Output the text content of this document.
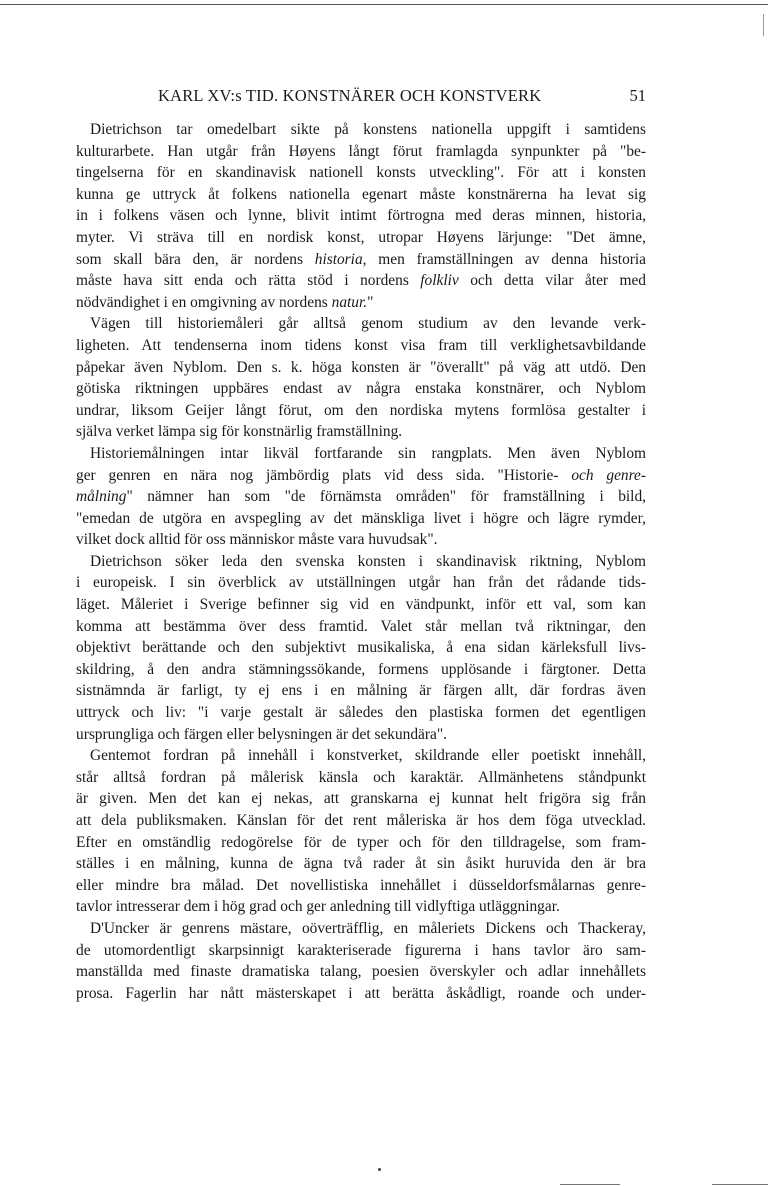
KARL XV:s TID. KONSTNÄRER OCH KONSTVERK	51
Dietrichson tar omedelbart sikte på konstens nationella uppgift i samtidens
kulturarbete. Han utgår från Høyens långt förut framlagda synpunkter på "be-
tingelserna för en skandinavisk nationell konsts utveckling". För att i konsten
kunna ge uttryck åt folkens nationella egenart måste konstnärerna ha levat sig
in i folkens väsen och lynne, blivit intimt förtrogna med deras minnen, historia,
myter. Vi sträva till en nordisk konst, utropar Høyens lärjunge: "Det ämne,
som skall bära den, är nordens historia, men framställningen av denna historia
måste hava sitt enda och rätta stöd i nordens folkliv och detta vilar åter med
nödvändighet i en omgivning av nordens natur."
Vägen till historiemåleri går alltså genom studium av den levande verk-
ligheten. Att tendenserna inom tidens konst visa fram till verklighetsavbildande
påpekar även Nyblom. Den s. k. höga konsten är "överallt" på väg att utdö. Den
götiska riktningen uppbäres endast av några enstaka konstnärer, och Nyblom
undrar, liksom Geijer långt förut, om den nordiska mytens formlösa gestalter i
själva verket lämpa sig för konstnärlig framställning.
Historiemålningen intar likväl fortfarande sin rangplats. Men även Nyblom
ger genren en nära nog jämbördig plats vid dess sida. "Historie- och genre-
målning" nämner han som "de förnämsta områden" för framställning i bild,
"emedan de utgöra en avspegling av det mänskliga livet i högre och lägre rymder,
vilket dock alltid för oss människor måste vara huvudsak".
Dietrichson söker leda den svenska konsten i skandinavisk riktning, Nyblom
i europeisk. I sin överblick av utställningen utgår han från det rådande tids-
läget. Måleriet i Sverige befinner sig vid en vändpunkt, inför ett val, som kan
komma att bestämma över dess framtid. Valet står mellan två riktningar, den
objektivt berättande och den subjektivt musikaliska, å ena sidan kärleksfull livs-
skildring, å den andra stämningssökande, formens upplösande i färgtoner. Detta
sistnämnda är farligt, ty ej ens i en målning är färgen allt, där fordras även
uttryck och liv: "i varje gestalt är således den plastiska formen det egentligen
ursprungliga och färgen eller belysningen är det sekundära".
Gentemot fordran på innehåll i konstverket, skildrande eller poetiskt innehåll,
står alltså fordran på målerisk känsla och karaktär. Allmänhetens ståndpunkt
är given. Men det kan ej nekas, att granskarna ej kunnat helt frigöra sig från
att dela publiksmaken. Känslan för det rent måleriska är hos dem föga utvecklad.
Efter en omständlig redogörelse för de typer och för den tilldragelse, som fram-
ställes i en målning, kunna de ägna två rader åt sin åsikt huruvida den är bra
eller mindre bra målad. Det novellistiska innehållet i düsseldorfsmålarnas genre-
tavlor intresserar dem i hög grad och ger anledning till vidlyftiga utläggningar.
D'Uncker är genrens mästare, oöverträfflig, en måleriets Dickens och Thackeray,
de utomordentligt skarpsinnigt karakteriserade figurerna i hans tavlor äro sam-
manställda med finaste dramatiska talang, poesien överskyler och adlar innehållets
prosa. Fagerlin har nått mästerskapet i att berätta åskådligt, roande och under-
